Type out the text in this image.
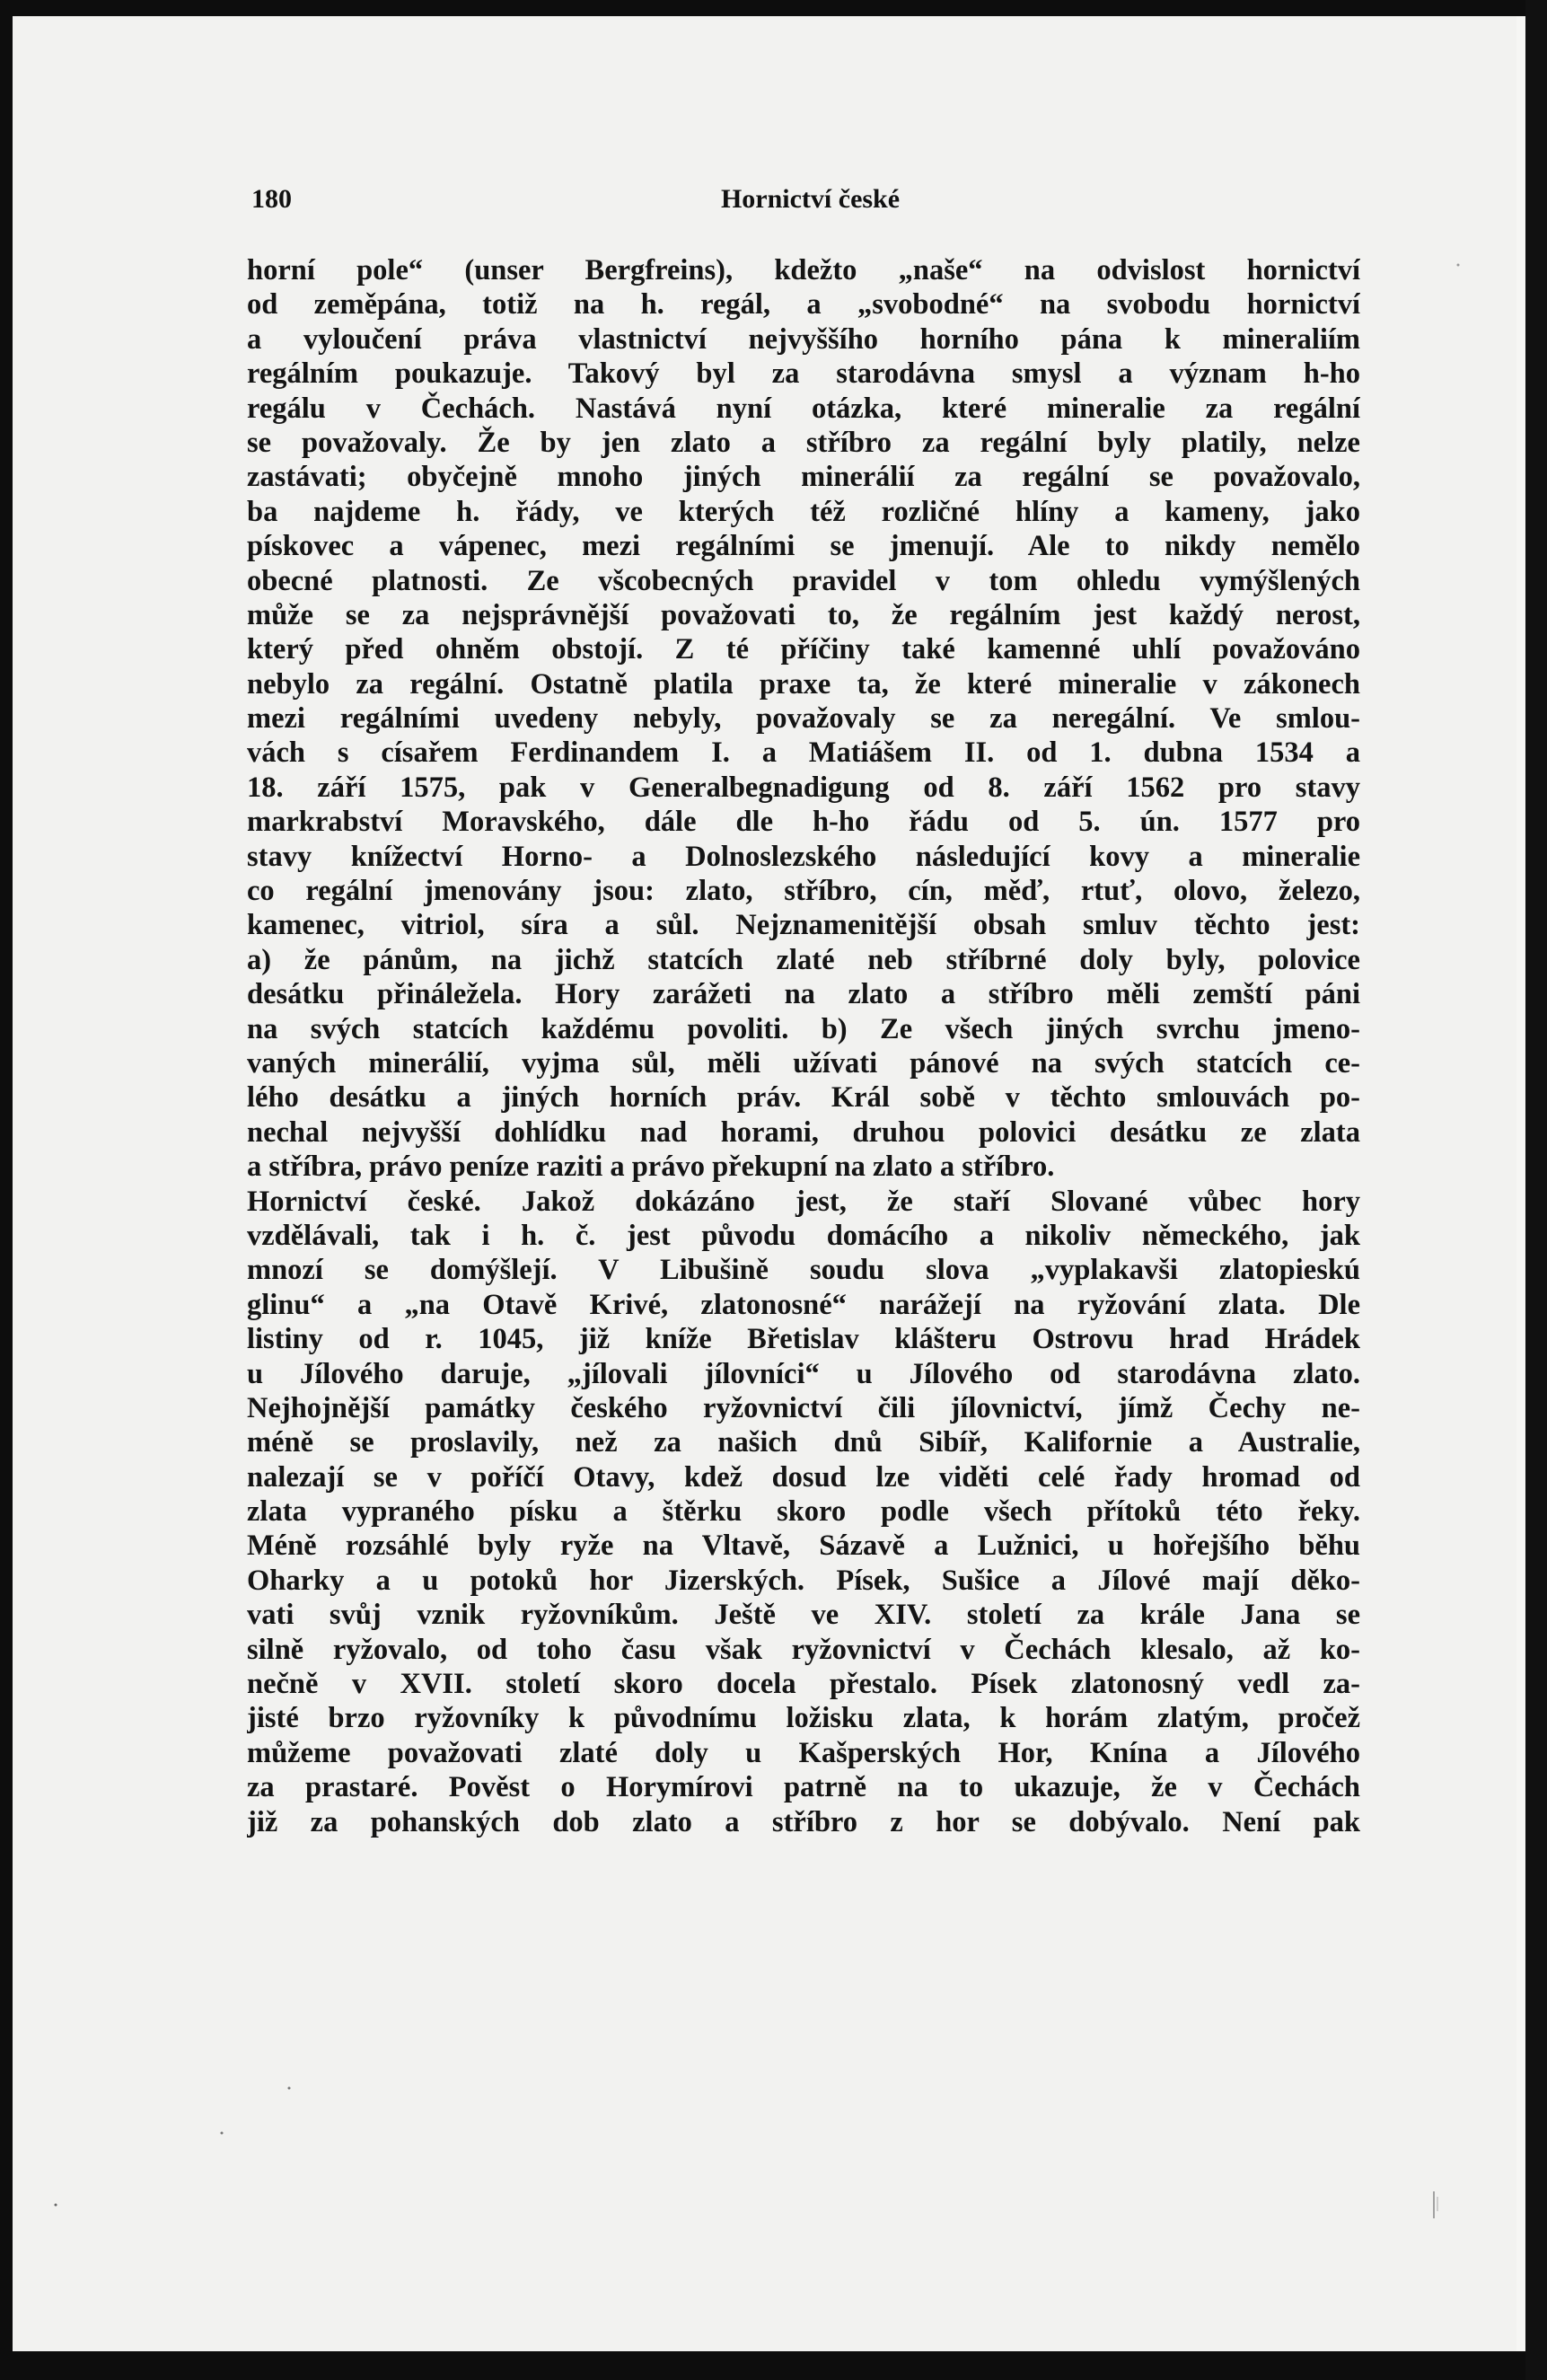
180	Hornictví české
horní pole“ (unser Bergfreins), kdežto „naše“ na odvislost hornictví
od zeměpána, totiž na h. regál, a „svobodné“ na svobodu hornictví
a vyloučení práva vlastnictví nejvyššího horního pána k mineraliím
regálním poukazuje. Takový byl za starodávna smysl a význam h-ho
regálu v Čechách. Nastává nyní otázka, které mineralie za regální
se považovaly. Že by jen zlato a stříbro za regální byly platily, nelze
zastávati; obyčejně mnoho jiných minerálií za regální se považovalo,
ba najdeme h. řády, ve kterých též rozličné hlíny a kameny, jako
pískovec a vápenec, mezi regálními se jmenují. Ale to nikdy nemělo
obecné platnosti. Ze všcobecných pravidel v tom ohledu vymýšlených
může se za nejsprávnější považovati to, že regálním jest každý nerost,
který před ohněm obstojí. Z té příčiny také kamenné uhlí považováno
nebylo za regální. Ostatně platila praxe ta, že které mineralie v zákonech
mezi regálními uvedeny nebyly, považovaly se za neregální. Ve smlou-
vách s císařem Ferdinandem I. a Matiášem II. od 1. dubna 1534 a
18. září 1575, pak v Generalbegnadigung od 8. září 1562 pro stavy
markrabství Moravského, dále dle h-ho řádu od 5. ún. 1577 pro
stavy knížectví Horno- a Dolnoslezského následující kovy a mineralie
co regální jmenovány jsou: zlato, stříbro, cín, měď, rtuť, olovo, železo,
kamenec, vitriol, síra a sůl. Nejznamenitější obsah smluv těchto jest:
a) že pánům, na jichž statcích zlaté neb stříbrné doly byly, polovice
desátku přináležela. Hory zarážeti na zlato a stříbro měli zemští páni
na svých statcích každému povoliti. b) Ze všech jiných svrchu jmeno-
vaných minerálií, vyjma sůl, měli užívati pánové na svých statcích ce-
lého desátku a jiných horních práv. Král sobě v těchto smlouvách po-
nechal nejvyšší dohlídku nad horami, druhou polovici desátku ze zlata
a stříbra, právo peníze raziti a právo překupní na zlato a stříbro.
Hornictví české. Jakož dokázáno jest, že staří Slované vůbec hory
vzdělávali, tak i h. č. jest původu domácího a nikoliv německého, jak
mnozí se domýšlejí. V Libušině soudu slova „vyplakavši zlatopieskú
glinu“ a „na Otavě Krivé, zlatonosné“ narážejí na ryžování zlata. Dle
listiny od r. 1045, již kníže Břetislav klášteru Ostrovu hrad Hrádek
u Jílového daruje, „jílovali jílovníci“ u Jílového od starodávna zlato.
Nejhojnější památky českého ryžovnictví čili jílovnictví, jímž Čechy ne-
méně se proslavily, než za našich dnů Sibíř, Kalifornie a Australie,
nalezají se v poříčí Otavy, kdež dosud lze viděti celé řady hromad od
zlata vypraného písku a štěrku skoro podle všech přítoků této řeky.
Méně rozsáhlé byly ryže na Vltavě, Sázavě a Lužnici, u hořejšího běhu
Oharky a u potoků hor Jizerských. Písek, Sušice a Jílové mají děko-
vati svůj vznik ryžovníkům. Ještě ve XIV. století za krále Jana se
silně ryžovalo, od toho času však ryžovnictví v Čechách klesalo, až ko-
nečně v XVII. století skoro docela přestalo. Písek zlatonosný vedl za-
jisté brzo ryžovníky k původnímu ložisku zlata, k horám zlatým, pročež
můžeme považovati zlaté doly u Kašperských Hor, Knína a Jílového
za prastaré. Pověst o Horymírovi patrně na to ukazuje, že v Čechách
již za pohanských dob zlato a stříbro z hor se dobývalo. Není pak
